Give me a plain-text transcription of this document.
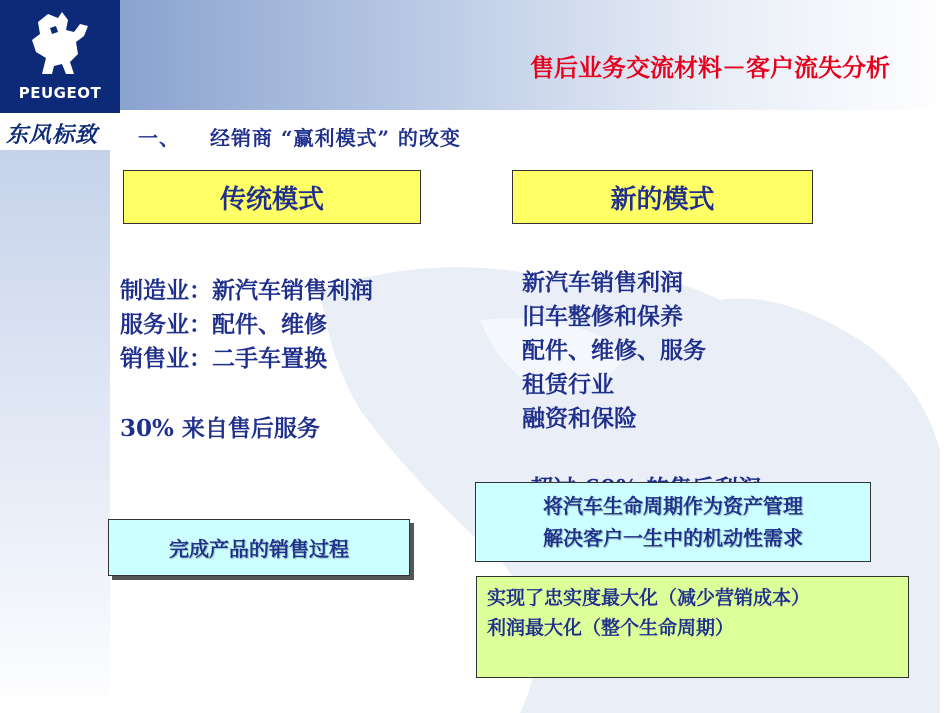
PEUGEOT
东风标致
售后业务交流材料－客户流失分析
一、 经销商 “赢利模式” 的改变
传统模式	新的模式
制造业：新汽车销售利润
服务业：配件、维修
销售业：二手车置换
30% 来自售后服务
新汽车销售利润
旧车整修和保养
配件、维修、服务
租赁行业
融资和保险
完成产品的销售过程
将汽车生命周期作为资产管理
解决客户一生中的机动性需求
实现了忠实度最大化（减少营销成本）
利润最大化（整个生命周期）
